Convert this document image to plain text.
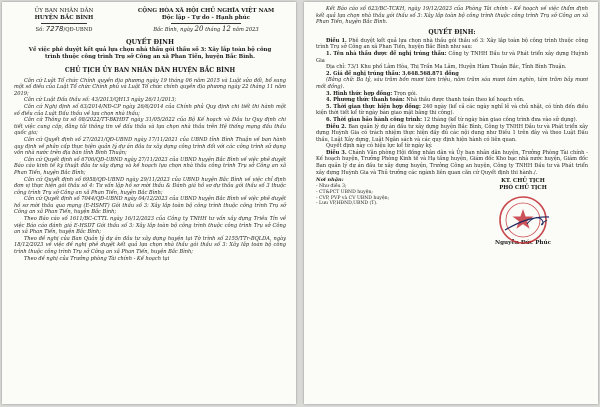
ỦY BAN NHÂN DÂN
HUYỆN BẮC BÌNH
Số: 7278/QĐ-UBND
CỘNG HÒA XÃ HỘI CHỦ NGHĨA VIỆT NAM
Độc lập - Tự do - Hạnh phúc
Bắc Bình, ngày 20 tháng 12 năm 2023
QUYẾT ĐỊNH
Về việc phê duyệt kết quả lựa chọn nhà thầu gói thầu số 3: Xây lắp toàn bộ công trình thuộc công trình Trụ sở Công an xã Phan Tiến, huyện Bắc Bình.
CHỦ TỊCH ỦY BAN NHÂN DÂN HUYỆN BẮC BÌNH

Căn cứ Luật Tổ chức Chính quyền địa phương ngày 19 tháng 06 năm 2015 và Luật sửa đổi, bổ sung một số điều của Luật Tổ chức Chính phủ và Luật Tổ chức chính quyền địa phương ngày 22 tháng 11 năm 2019;

Căn cứ Luật Đấu thầu số: 43/2013/QH13 ngày 26/11/2013;

Căn cứ Nghị định số 63/2014/NĐ-CP ngày 26/6/2014 của Chính phủ Quy định chi tiết thi hành một số điều của Luật Đấu thầu về lựa chọn nhà thầu;

Căn cứ Thông tư số 08/2022/TT-BKHĐT ngày 31/05/2022 của Bộ Kế hoạch và Đầu tư Quy định chi tiết việc cung cấp, đăng tải thông tin về đấu thầu và lựa chọn nhà thầu trên Hệ thống mạng đấu thầu quốc gia;

Căn cứ Quyết định số 27/2021/QĐ-UBND ngày 17/11/2021 của UBND tỉnh Bình Thuận về ban hành quy định về phân cấp thực hiện quản lý dự án đầu tư xây dựng công trình đối với các công trình sử dụng vốn nhà nước trên địa bàn tỉnh Bình Thuận;

Căn cứ Quyết định số 6706/QĐ-UBND ngày 27/11/2023 của UBND huyện Bắc Bình về việc phê duyệt Báo cáo kinh tế kỹ thuật đầu tư xây dựng và kế hoạch lựa chọn nhà thầu công trình Trụ sở Công an xã Phan Tiến, huyện Bắc Bình;

Căn cứ Quyết định số 6958/QĐ-UBND ngày 29/11/2023 của UBND huyện Bắc Bình về việc chỉ định đơn vị thực hiện gói thầu số 4: Tư vấn lập hồ sơ mời thầu & Đánh giá hồ sơ dự thầu gói thầu số 3 thuộc công trình Trụ sở Công an xã Phan Tiến, huyện Bắc Bình;

Căn cứ Quyết định số 7044/QĐ-UBND ngày 04/12/2023 của UBND huyện Bắc Bình về việc phê duyệt hồ sơ mời thầu qua mạng (E-HSMT) Gói thầu số 3: Xây lắp toàn bộ công trình thuộc công trình Trụ sở Công an xã Phan Tiến, huyện Bắc Bình;

Theo Báo cáo số 1611/BC-CTTL ngày 16/12/2023 của Công ty TNHH tư vấn xây dựng Triều Tín về việc Báo cáo đánh giá E-HSDT Gói thầu số 3: Xây lắp toàn bộ công trình thuộc công trình Trụ sở Công an xã Phan Tiến, huyện Bắc Bình;

Theo đề nghị của Ban Quản lý dự án đầu tư xây dựng huyện tại Tờ trình số 2155/TTr-BQLDA, ngày 18/12/2023 về việc đề nghị phê duyệt kết quả lựa chọn nhà thầu gói thầu số 3: Xây lắp toàn bộ công trình thuộc công trình Trụ sở Công an xã Phan Tiến, huyện Bắc Bình;

Theo đề nghị của Trưởng phòng Tài chính - Kế hoạch tại

Kết Báo cáo số 623/BC-TCKH, ngày 19/12/2023 của Phòng Tài chính - Kế hoạch về việc thẩm định kết quả lựa chọn nhà thầu gói thầu số 3: Xây lắp toàn bộ công trình thuộc công trình Trụ sở Công an xã Phan Tiến, huyện Bắc Bình.

QUYẾT ĐỊNH:

Điều 1. Phê duyệt kết quả lựa chọn nhà thầu gói thầu số 3: Xây lắp toàn bộ công trình thuộc công trình Trụ sở Công an xã Phan Tiến, huyện Bắc Bình như sau:

1. Tên nhà thầu được đề nghị trúng thầu: Công ty TNHH Đầu tư và Phát triển xây dựng Huỳnh Gia

Địa chỉ: 73/1 Khu phố Lâm Hòa, Thị Trấn Ma Lâm, Huyện Hàm Thuận Bắc, Tỉnh Bình Thuận.

2. Giá đề nghị trúng thầu: 3.648.568.871 đồng

(Bằng chữ: Ba tỷ, sáu trăm bốn mươi tám triệu, năm trăm sáu mươi tám nghìn, tám trăm bảy mươi mốt đồng).

3. Hình thức hợp đồng: Trọn gói.

4. Phương thức thanh toán: Nhà thầu được thanh toán theo kế hoạch vốn.

5. Thời gian thực hiện hợp đồng: 240 ngày (kể cả các ngày nghỉ lễ và chủ nhật, có tính đến điều kiện thời tiết kể từ ngày bàn giao mặt bằng thi công).

6. Thời gian bảo hành công trình: 12 tháng (kể từ ngày bàn giao công trình đưa vào sử dụng).

Điều 2. Ban quản lý dự án đầu tư xây dựng huyện Bắc Bình, Công ty TNHH Đầu tư và Phát triển xây dựng Huỳnh Gia có trách nhiệm thực hiện đầy đủ các nội dung như Điều 1 trên đây và theo Luật Đấu thầu, Luật Xây dựng, Luật Ngân sách và các quy định hiện hành có liên quan.

Quyết định này có hiệu lực kể từ ngày ký.

Điều 3. Chánh Văn phòng Hội đồng nhân dân và Ủy ban nhân dân huyện, Trưởng Phòng Tài chính - Kế hoạch huyện, Trưởng Phòng Kinh tế và Hạ tầng huyện, Giám đốc Kho bạc nhà nước huyện, Giám đốc Ban quản lý dự án đầu tư xây dựng huyện, Trưởng Công an huyện, Công ty TNHH Đầu tư và Phát triển xây dựng Huỳnh Gia và Thủ trưởng các ngành liên quan căn cứ Quyết định thi hành./.

Nơi nhận:
- Như điều 3;
- CT&PCT UBND huyện;
- CVP, PVP và CV UBND huyện;
- Lưu VP,HĐND,UBND (T).
KT. CHỦ TỊCH
PHÓ CHỦ TỊCH
Nguyễn Đức Phúc
